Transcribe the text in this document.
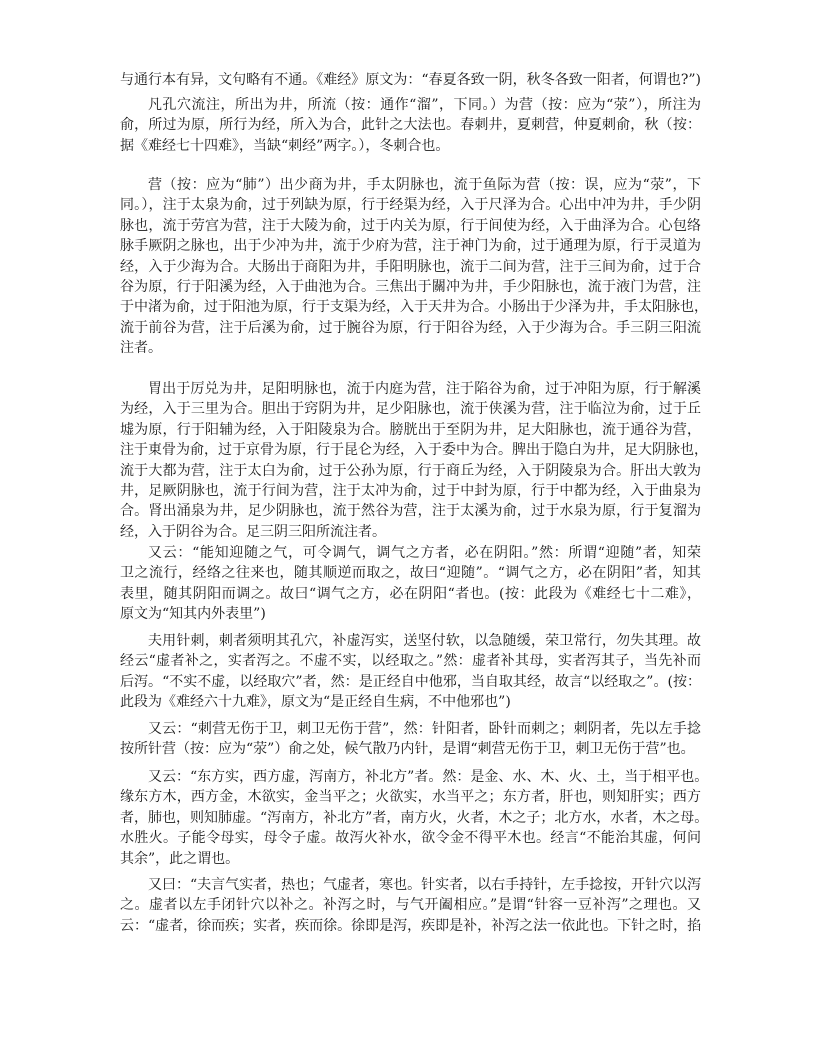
与通行本有异，文句略有不通。《难经》原文为：“春夏各致一阴，秋冬各致一阳者，何谓也?”)
凡孔穴流注，所出为井，所流（按：通作“溜”，下同。）为营（按：应为“荥”），所注为
俞，所过为原，所行为经，所入为合，此针之大法也。春刺井，夏刺营，仲夏刺俞，秋（按：
据《难经七十四难》，当缺“刺经”两字。），冬刺合也。
营（按：应为“肺”）出少商为井，手太阴脉也，流于鱼际为营（按：误，应为“荥”，下
同。），注于太泉为俞，过于列缺为原，行于经渠为经，入于尺泽为合。心出中冲为井，手少阴
脉也，流于劳宫为营，注于大陵为俞，过于内关为原，行于间使为经，入于曲泽为合。心包络
脉手厥阴之脉也，出于少冲为井，流于少府为营，注于神门为俞，过于通理为原，行于灵道为
经，入于少海为合。大肠出于商阳为井，手阳明脉也，流于二间为营，注于三间为俞，过于合
谷为原，行于阳溪为经，入于曲池为合。三焦出于關冲为井，手少阳脉也，流于液门为营，注
于中渚为俞，过于阳池为原，行于支渠为经，入于天井为合。小肠出于少泽为井，手太阳脉也，
流于前谷为营，注于后溪为俞，过于腕谷为原，行于阳谷为经，入于少海为合。手三阴三阳流
注者。
胃出于厉兑为井，足阳明脉也，流于内庭为营，注于陷谷为俞，过于冲阳为原，行于解溪
为经，入于三里为合。胆出于窍阴为井，足少阳脉也，流于侠溪为营，注于临泣为俞，过于丘
墟为原，行于阳辅为经，入于阳陵泉为合。膀胱出于至阴为井，足大阳脉也，流于通谷为营，
注于東骨为俞，过于京骨为原，行于昆仑为经，入于委中为合。脾出于隐白为井，足大阴脉也，
流于大都为营，注于太白为俞，过于公孙为原，行于商丘为经，入于阴陵泉为合。肝出大敦为
井，足厥阴脉也，流于行间为营，注于太冲为俞，过于中封为原，行于中都为经，入于曲泉为
合。肾出涌泉为井，足少阴脉也，流于然谷为营，注于太溪为俞，过于水泉为原，行于复溜为
经，入于阴谷为合。足三阴三阳所流注者。
又云：“能知迎随之气，可令调气，调气之方者，必在阴阳。”然：所谓“迎随”者，知荣
卫之流行，经络之往来也，随其顺逆而取之，故曰“迎随”。“调气之方，必在阴阳”者，知其
表里，随其阴阳而调之。故曰“调气之方，必在阴阳“者也。(按：此段为《难经七十二难》，
原文为“知其内外表里”)
夫用针刺，刺者须明其孔穴，补虚泻实，送坚付软，以急随缓，荣卫常行，勿失其理。故
经云“虚者补之，实者泻之。不虚不实，以经取之。”然：虚者补其母，实者泻其子，当先补而
后泻。“不实不虚，以经取穴”者，然：是正经自中他邪，当自取其经，故言“以经取之”。(按：
此段为《难经六十九难》，原文为“是正经自生病，不中他邪也”)
又云：“刺营无伤于卫，刺卫无伤于营”，然：针阳者，卧针而刺之；刺阴者，先以左手捻
按所针营（按：应为“荥”）俞之处，候气散乃内针，是谓“刺营无伤于卫，刺卫无伤于营”也。
又云：“东方实，西方虚，泻南方，补北方”者。然：是金、水、木、火、土，当于相平也。
缘东方木，西方金，木欲实，金当平之；火欲实，水当平之；东方者，肝也，则知肝实；西方
者，肺也，则知肺虚。“泻南方，补北方”者，南方火，火者，木之子；北方水，水者，木之母。
水胜火。子能令母实，母令子虚。故泻火补水，欲令金不得平木也。经言“不能治其虚，何问
其余”，此之谓也。
又曰：“夫言气实者，热也；气虚者，寒也。针实者，以右手持针，左手捻按，开针穴以泻
之。虚者以左手闭针穴以补之。补泻之时，与气开阖相应。”是谓“针容一豆补泻”之理也。又
云：“虚者，徐而疾；实者，疾而徐。徐即是泻，疾即是补，补泻之法一依此也。下针之时，掐
